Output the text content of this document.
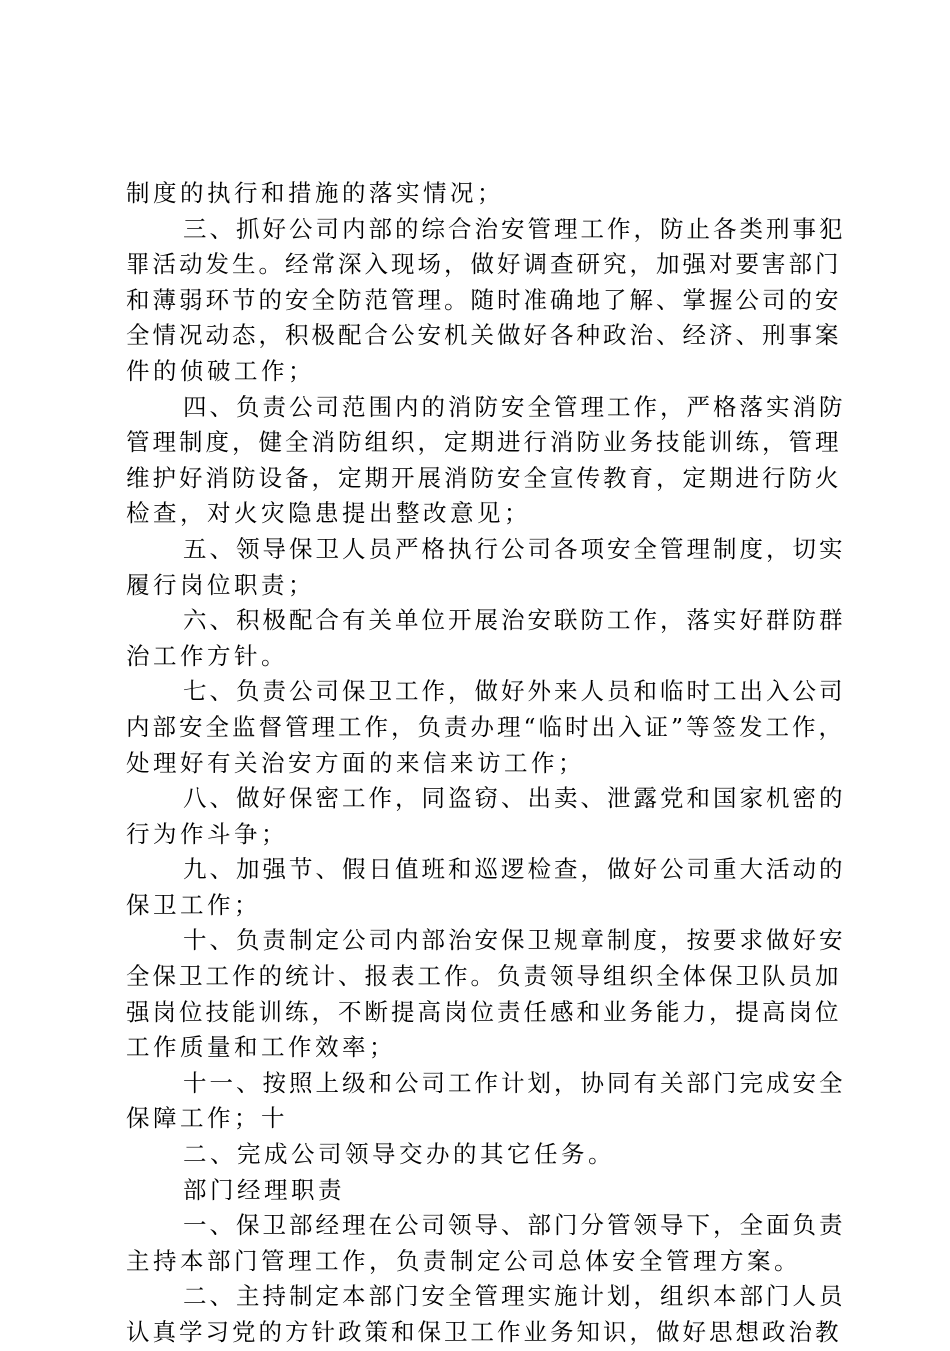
制度的执行和措施的落实情况；
三、抓好公司内部的综合治安管理工作，防止各类刑事犯
罪活动发生。经常深入现场，做好调查研究，加强对要害部门
和薄弱环节的安全防范管理。随时准确地了解、掌握公司的安
全情况动态，积极配合公安机关做好各种政治、经济、刑事案
件的侦破工作；
四、负责公司范围内的消防安全管理工作，严格落实消防
管理制度，健全消防组织，定期进行消防业务技能训练，管理
维护好消防设备，定期开展消防安全宣传教育，定期进行防火
检查，对火灾隐患提出整改意见；
五、领导保卫人员严格执行公司各项安全管理制度，切实
履行岗位职责；
六、积极配合有关单位开展治安联防工作，落实好群防群
治工作方针。
七、负责公司保卫工作，做好外来人员和临时工出入公司
内部安全监督管理工作，负责办理“临时出入证”等签发工作，
处理好有关治安方面的来信来访工作；
八、做好保密工作，同盗窃、出卖、泄露党和国家机密的
行为作斗争；
九、加强节、假日值班和巡逻检查，做好公司重大活动的
保卫工作；
十、负责制定公司内部治安保卫规章制度，按要求做好安
全保卫工作的统计、报表工作。负责领导组织全体保卫队员加
强岗位技能训练，不断提高岗位责任感和业务能力，提高岗位
工作质量和工作效率；
十一、按照上级和公司工作计划，协同有关部门完成安全
保障工作；十
二、完成公司领导交办的其它任务。
部门经理职责
一、保卫部经理在公司领导、部门分管领导下，全面负责
主持本部门管理工作，负责制定公司总体安全管理方案。
二、主持制定本部门安全管理实施计划，组织本部门人员
认真学习党的方针政策和保卫工作业务知识，做好思想政治教
